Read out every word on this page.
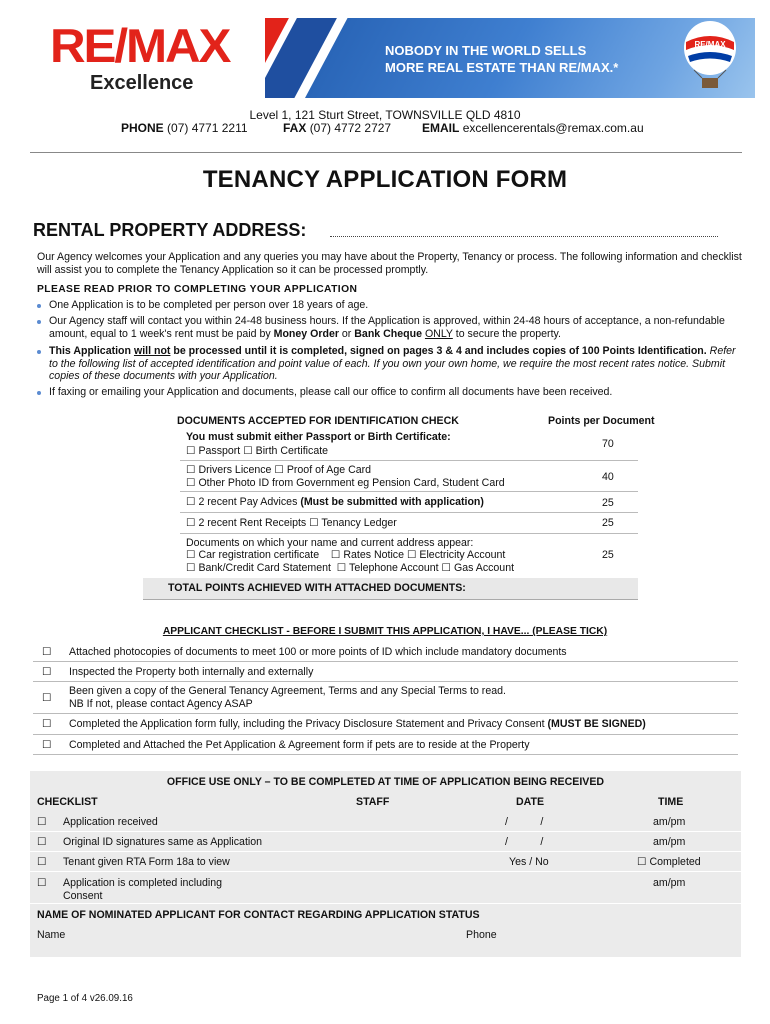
RE/MAX
Excellence
NOBODY IN THE WORLD SELLS
MORE REAL ESTATE THAN RE/MAX.*
RE/MAX
Level 1, 121 Sturt Street, TOWNSVILLE QLD 4810
PHONE (07) 4771 2211	FAX (07) 4772 2727	EMAIL excellencerentals@remax.com.au
TENANCY APPLICATION FORM
RENTAL PROPERTY ADDRESS:
Our Agency welcomes your Application and any queries you may have about the Property, Tenancy or process. The following information and checklist will assist you to complete the Tenancy Application so it can be processed promptly.
PLEASE READ PRIOR TO COMPLETING YOUR APPLICATION
One Application is to be completed per person over 18 years of age.
Our Agency staff will contact you within 24-48 business hours. If the Application is approved, within 24-48 hours of acceptance, a non-refundable amount, equal to 1 week's rent must be paid by Money Order or Bank Cheque ONLY to secure the property.
This Application will not be processed until it is completed, signed on pages 3 & 4 and includes copies of 100 Points Identification. Refer to the following list of accepted identification and point value of each. If you own your own home, we require the most recent rates notice. Submit copies of these documents with your Application.
If faxing or emailing your Application and documents, please call our office to confirm all documents have been received.
DOCUMENTS ACCEPTED FOR IDENTIFICATION CHECK	Points per Document
You must submit either Passport or Birth Certificate:
☐ Passport ☐ Birth Certificate
70
☐ Drivers Licence ☐ Proof of Age Card
☐ Other Photo ID from Government eg Pension Card, Student Card	40
☐ 2 recent Pay Advices (Must be submitted with application)	25
☐ 2 recent Rent Receipts ☐ Tenancy Ledger	25
Documents on which your name and current address appear:
☐ Car registration certificate    ☐ Rates Notice ☐ Electricity Account
☐ Bank/Credit Card Statement  ☐ Telephone Account ☐ Gas Account
25
TOTAL POINTS ACHIEVED WITH ATTACHED DOCUMENTS:
APPLICANT CHECKLIST - BEFORE I SUBMIT THIS APPLICATION, I HAVE... (PLEASE TICK)
☐ Attached photocopies of documents to meet 100 or more points of ID which include mandatory documents
☐ Inspected the Property both internally and externally
☐
Been given a copy of the General Tenancy Agreement, Terms and any Special Terms to read.
NB If not, please contact Agency ASAP
☐ Completed the Application form fully, including the Privacy Disclosure Statement and Privacy Consent (MUST BE SIGNED)
☐ Completed and Attached the Pet Application & Agreement form if pets are to reside at the Property
OFFICE USE ONLY – TO BE COMPLETED AT TIME OF APPLICATION BEING RECEIVED
CHECKLIST	STAFF	DATE	TIME
☐ Application received	/           /	am/pm
☐ Original ID signatures same as Application	/           /	am/pm
☐ Tenant given RTA Form 18a to view	Yes / No	☐ Completed
☐ Application is completed including
Consent
am/pm
NAME OF NOMINATED APPLICANT FOR CONTACT REGARDING APPLICATION STATUS
Name	Phone
Page 1 of 4 v26.09.16
